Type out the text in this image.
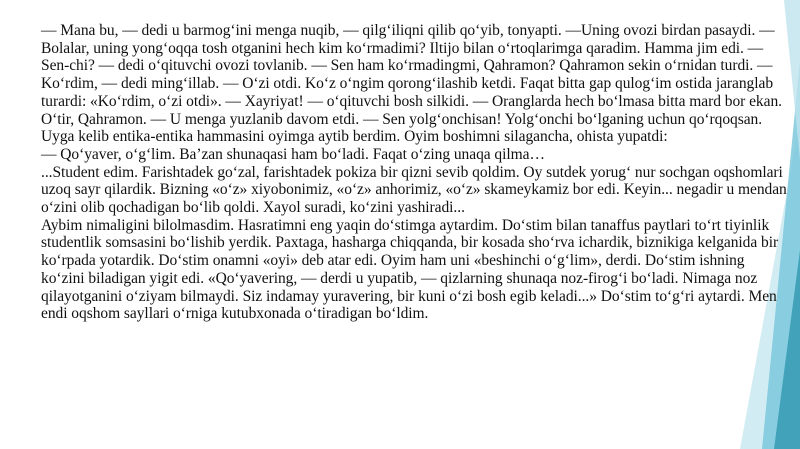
— Mana bu, — dedi u barmog‘ini menga nuqib, — qilg‘iliqni qilib qo‘yib, tonyapti. —Uning ovozi birdan pasaydi. — Bolalar, uning yong‘oqqa tosh otganini hech kim ko‘rmadimi? Iltijo bilan o‘rtoqlarimga qaradim. Hamma jim edi. — Sen-chi? — dedi o‘qituvchi ovozi tovlanib. — Sen ham ko‘rmadingmi, Qahramon? Qahramon sekin o‘rnidan turdi. — Ko‘rdim, — dedi ming‘illab. — O‘zi otdi. Ko‘z o‘ngim qorong‘ilashib ketdi. Faqat bitta gap qulog‘im ostida jaranglab turardi: «Ko‘rdim, o‘zi otdi». — Xayriyat! — o‘qituvchi bosh silkidi. — Oranglarda hech bo‘lmasa bitta mard bor ekan. O‘tir, Qahramon. — U menga yuzlanib davom etdi. — Sen yolg‘onchisan! Yolg‘onchi bo‘lganing uchun qo‘rqoqsan. Uyga kelib entika-entika hammasini oyimga aytib berdim. Oyim boshimni silagancha, ohista yupatdi:

— Qo‘yaver, o‘g‘lim. Ba’zan shunaqasi ham bo‘ladi. Faqat o‘zing unaqa qilma…

...Student edim. Farishtadek go‘zal, farishtadek pokiza bir qizni sevib qoldim. Oy sutdek yorug‘ nur sochgan oqshomlari uzoq sayr qilardik. Bizning «o‘z» xiyobonimiz, «o‘z» anhorimiz, «o‘z» skameykamiz bor edi. Keyin... negadir u mendan o‘zini olib qochadigan bo‘lib qoldi. Xayol suradi, ko‘zini yashiradi...

Aybim nimaligini bilolmasdim. Hasratimni eng yaqin do‘stimga aytardim. Do‘stim bilan tanaffus paytlari to‘rt tiyinlik studentlik somsasini bo‘lishib yerdik. Paxtaga, hasharga chiqqanda, bir kosada sho‘rva ichardik, biznikiga kelganida bir ko‘rpada yotardik. Do‘stim onamni «oyi» deb atar edi. Oyim ham uni «beshinchi o‘g‘lim», derdi. Do‘stim ishning ko‘zini biladigan yigit edi. «Qo‘yavering, — derdi u yupatib, — qizlarning shunaqa noz-firog‘i bo‘ladi. Nimaga noz qilayotganini o‘ziyam bilmaydi. Siz indamay yuravering, bir kuni o‘zi bosh egib keladi...» Do‘stim to‘g‘ri aytardi. Men endi oqshom sayllari o‘rniga kutubxonada o‘tiradigan bo‘ldim.
